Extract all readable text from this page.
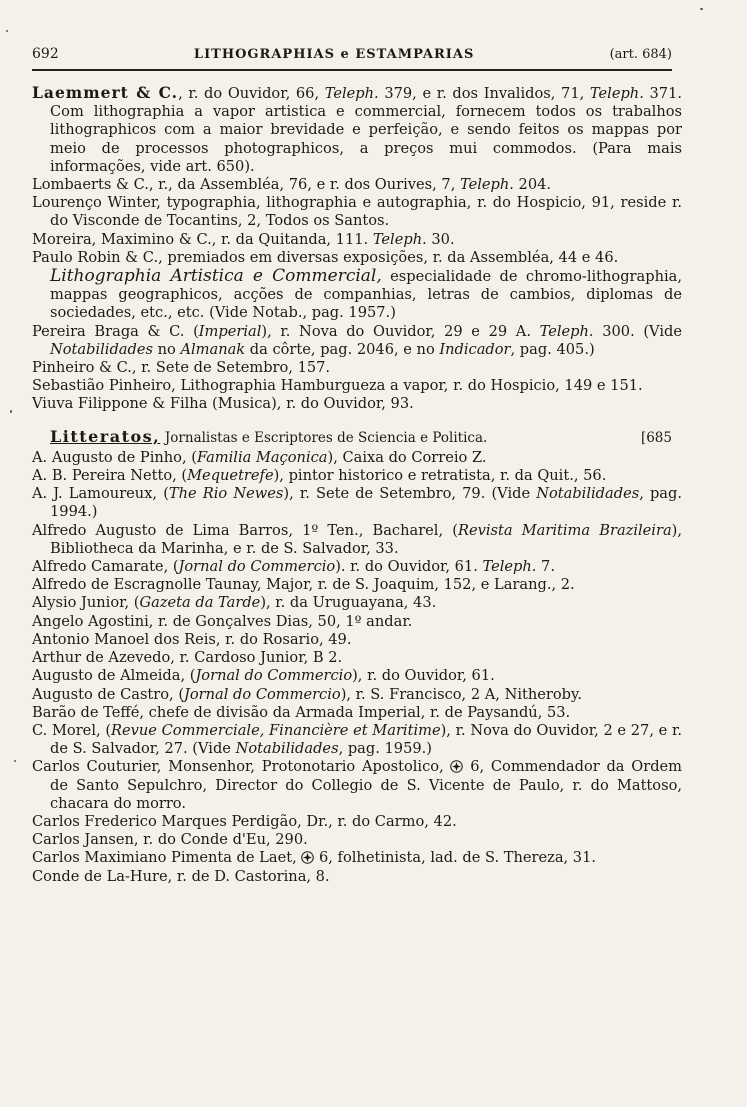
692	LITHOGRAPHIAS e ESTAMPARIAS	(art. 684)

Laemmert & C., r. do Ouvidor, 66, Teleph. 379, e r. dos Invalidos, 71, Teleph. 371. Com lithographia a vapor artistica e commercial, fornecem todos os trabalhos lithographicos com a maior brevidade e perfeição, e sendo feitos os mappas por meio de processos photographicos, a preços mui commodos. (Para mais informações, vide art. 650).

Lombaerts & C., r., da Assembléa, 76, e r. dos Ourives, 7, Teleph. 204.

Lourenço Winter, typographia, lithographia e autographia, r. do Hospicio, 91, reside r. do Visconde de Tocantins, 2, Todos os Santos.

Moreira, Maximino & C., r. da Quitanda, 111. Teleph. 30.

Paulo Robin & C., premiados em diversas exposições, r. da Assembléa, 44 e 46.

Lithographia Artistica e Commercial, especialidade de chromo-lithographia, mappas geographicos, acções de companhias, letras de cambios, diplomas de sociedades, etc., etc. (Vide Notab., pag. 1957.)

Pereira Braga & C. (Imperial), r. Nova do Ouvidor, 29 e 29 A. Teleph. 300. (Vide Notabilidades no Almanak da côrte, pag. 2046, e no Indicador, pag. 405.)

Pinheiro & C., r. Sete de Setembro, 157.

Sebastião Pinheiro, Lithographia Hamburgueza a vapor, r. do Hospicio, 149 e 151.

Viuva Filippone & Filha (Musica), r. do Ouvidor, 93.

Litteratos, Jornalistas e Escriptores de Sciencia e Politica.	[685

A. Augusto de Pinho, (Familia Maçonica), Caixa do Correio Z.

A. B. Pereira Netto, (Mequetrefe), pintor historico e retratista, r. da Quit., 56.

A. J. Lamoureux, (The Rio Newes), r. Sete de Setembro, 79. (Vide Notabilidades, pag. 1994.)

Alfredo Augusto de Lima Barros, 1º Ten., Bacharel, (Revista Maritima Brazileira), Bibliotheca da Marinha, e r. de S. Salvador, 33.

Alfredo Camarate, (Jornal do Commercio). r. do Ouvidor, 61. Teleph. 7.

Alfredo de Escragnolle Taunay, Major, r. de S. Joaquim, 152, e Larang., 2.

Alysio Junior, (Gazeta da Tarde), r. da Uruguayana, 43.

Angelo Agostini, r. de Gonçalves Dias, 50, 1º andar.

Antonio Manoel dos Reis, r. do Rosario, 49.

Arthur de Azevedo, r. Cardoso Junior, B 2.

Augusto de Almeida, (Jornal do Commercio), r. do Ouvidor, 61.

Augusto de Castro, (Jornal do Commercio), r. S. Francisco, 2 A, Nitheroby.

Barão de Teffé, chefe de divisão da Armada Imperial, r. de Paysandú, 53.

C. Morel, (Revue Commerciale, Financière et Maritime), r. Nova do Ouvidor, 2 e 27, e r. de S. Salvador, 27. (Vide Notabilidades, pag. 1959.)

Carlos Couturier, Monsenhor, Protonotario Apostolico,  6, Commendador da Ordem de Santo Sepulchro, Director do Collegio de S. Vicente de Paulo, r. do Mattoso, chacara do morro.

Carlos Frederico Marques Perdigão, Dr., r. do Carmo, 42.

Carlos Jansen, r. do Conde d'Eu, 290.

Carlos Maximiano Pimenta de Laet,  6, folhetinista, lad. de S. Thereza, 31.

Conde de La-Hure, r. de D. Castorina, 8.
